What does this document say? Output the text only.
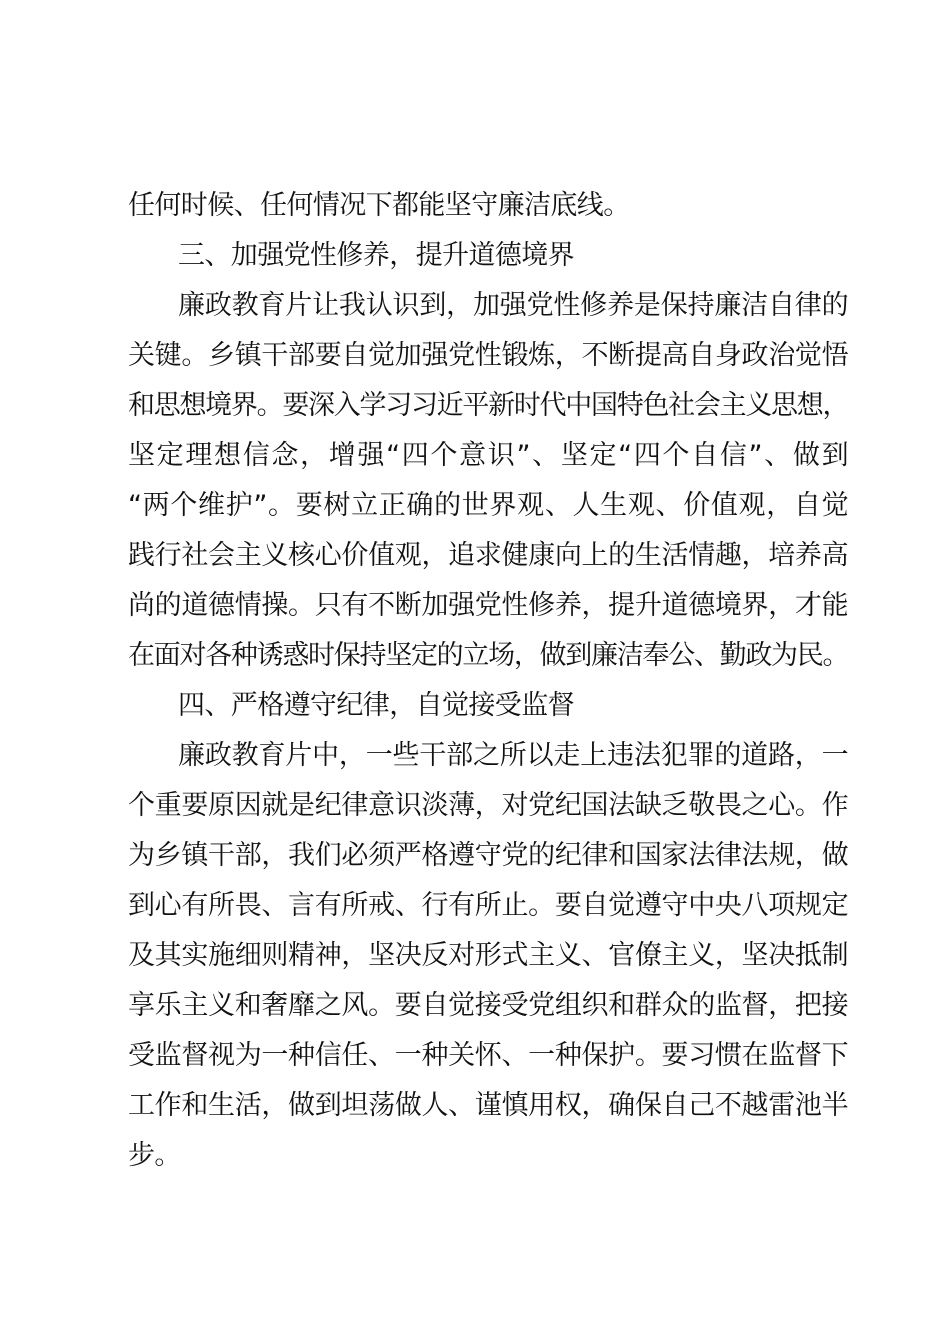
任何时候、任何情况下都能坚守廉洁底线。
三、加强党性修养，提升道德境界
廉政教育片让我认识到，加强党性修养是保持廉洁自律的
关键。乡镇干部要自觉加强党性锻炼，不断提高自身政治觉悟
和思想境界。要深入学习习近平新时代中国特色社会主义思想，
坚定理想信念，增强“四个意识”、坚定“四个自信”、做到
“两个维护”。要树立正确的世界观、人生观、价值观，自觉
践行社会主义核心价值观，追求健康向上的生活情趣，培养高
尚的道德情操。只有不断加强党性修养，提升道德境界，才能
在面对各种诱惑时保持坚定的立场，做到廉洁奉公、勤政为民。
四、严格遵守纪律，自觉接受监督
廉政教育片中，一些干部之所以走上违法犯罪的道路，一
个重要原因就是纪律意识淡薄，对党纪国法缺乏敬畏之心。作
为乡镇干部，我们必须严格遵守党的纪律和国家法律法规，做
到心有所畏、言有所戒、行有所止。要自觉遵守中央八项规定
及其实施细则精神，坚决反对形式主义、官僚主义，坚决抵制
享乐主义和奢靡之风。要自觉接受党组织和群众的监督，把接
受监督视为一种信任、一种关怀、一种保护。要习惯在监督下
工作和生活，做到坦荡做人、谨慎用权，确保自己不越雷池半
步。
